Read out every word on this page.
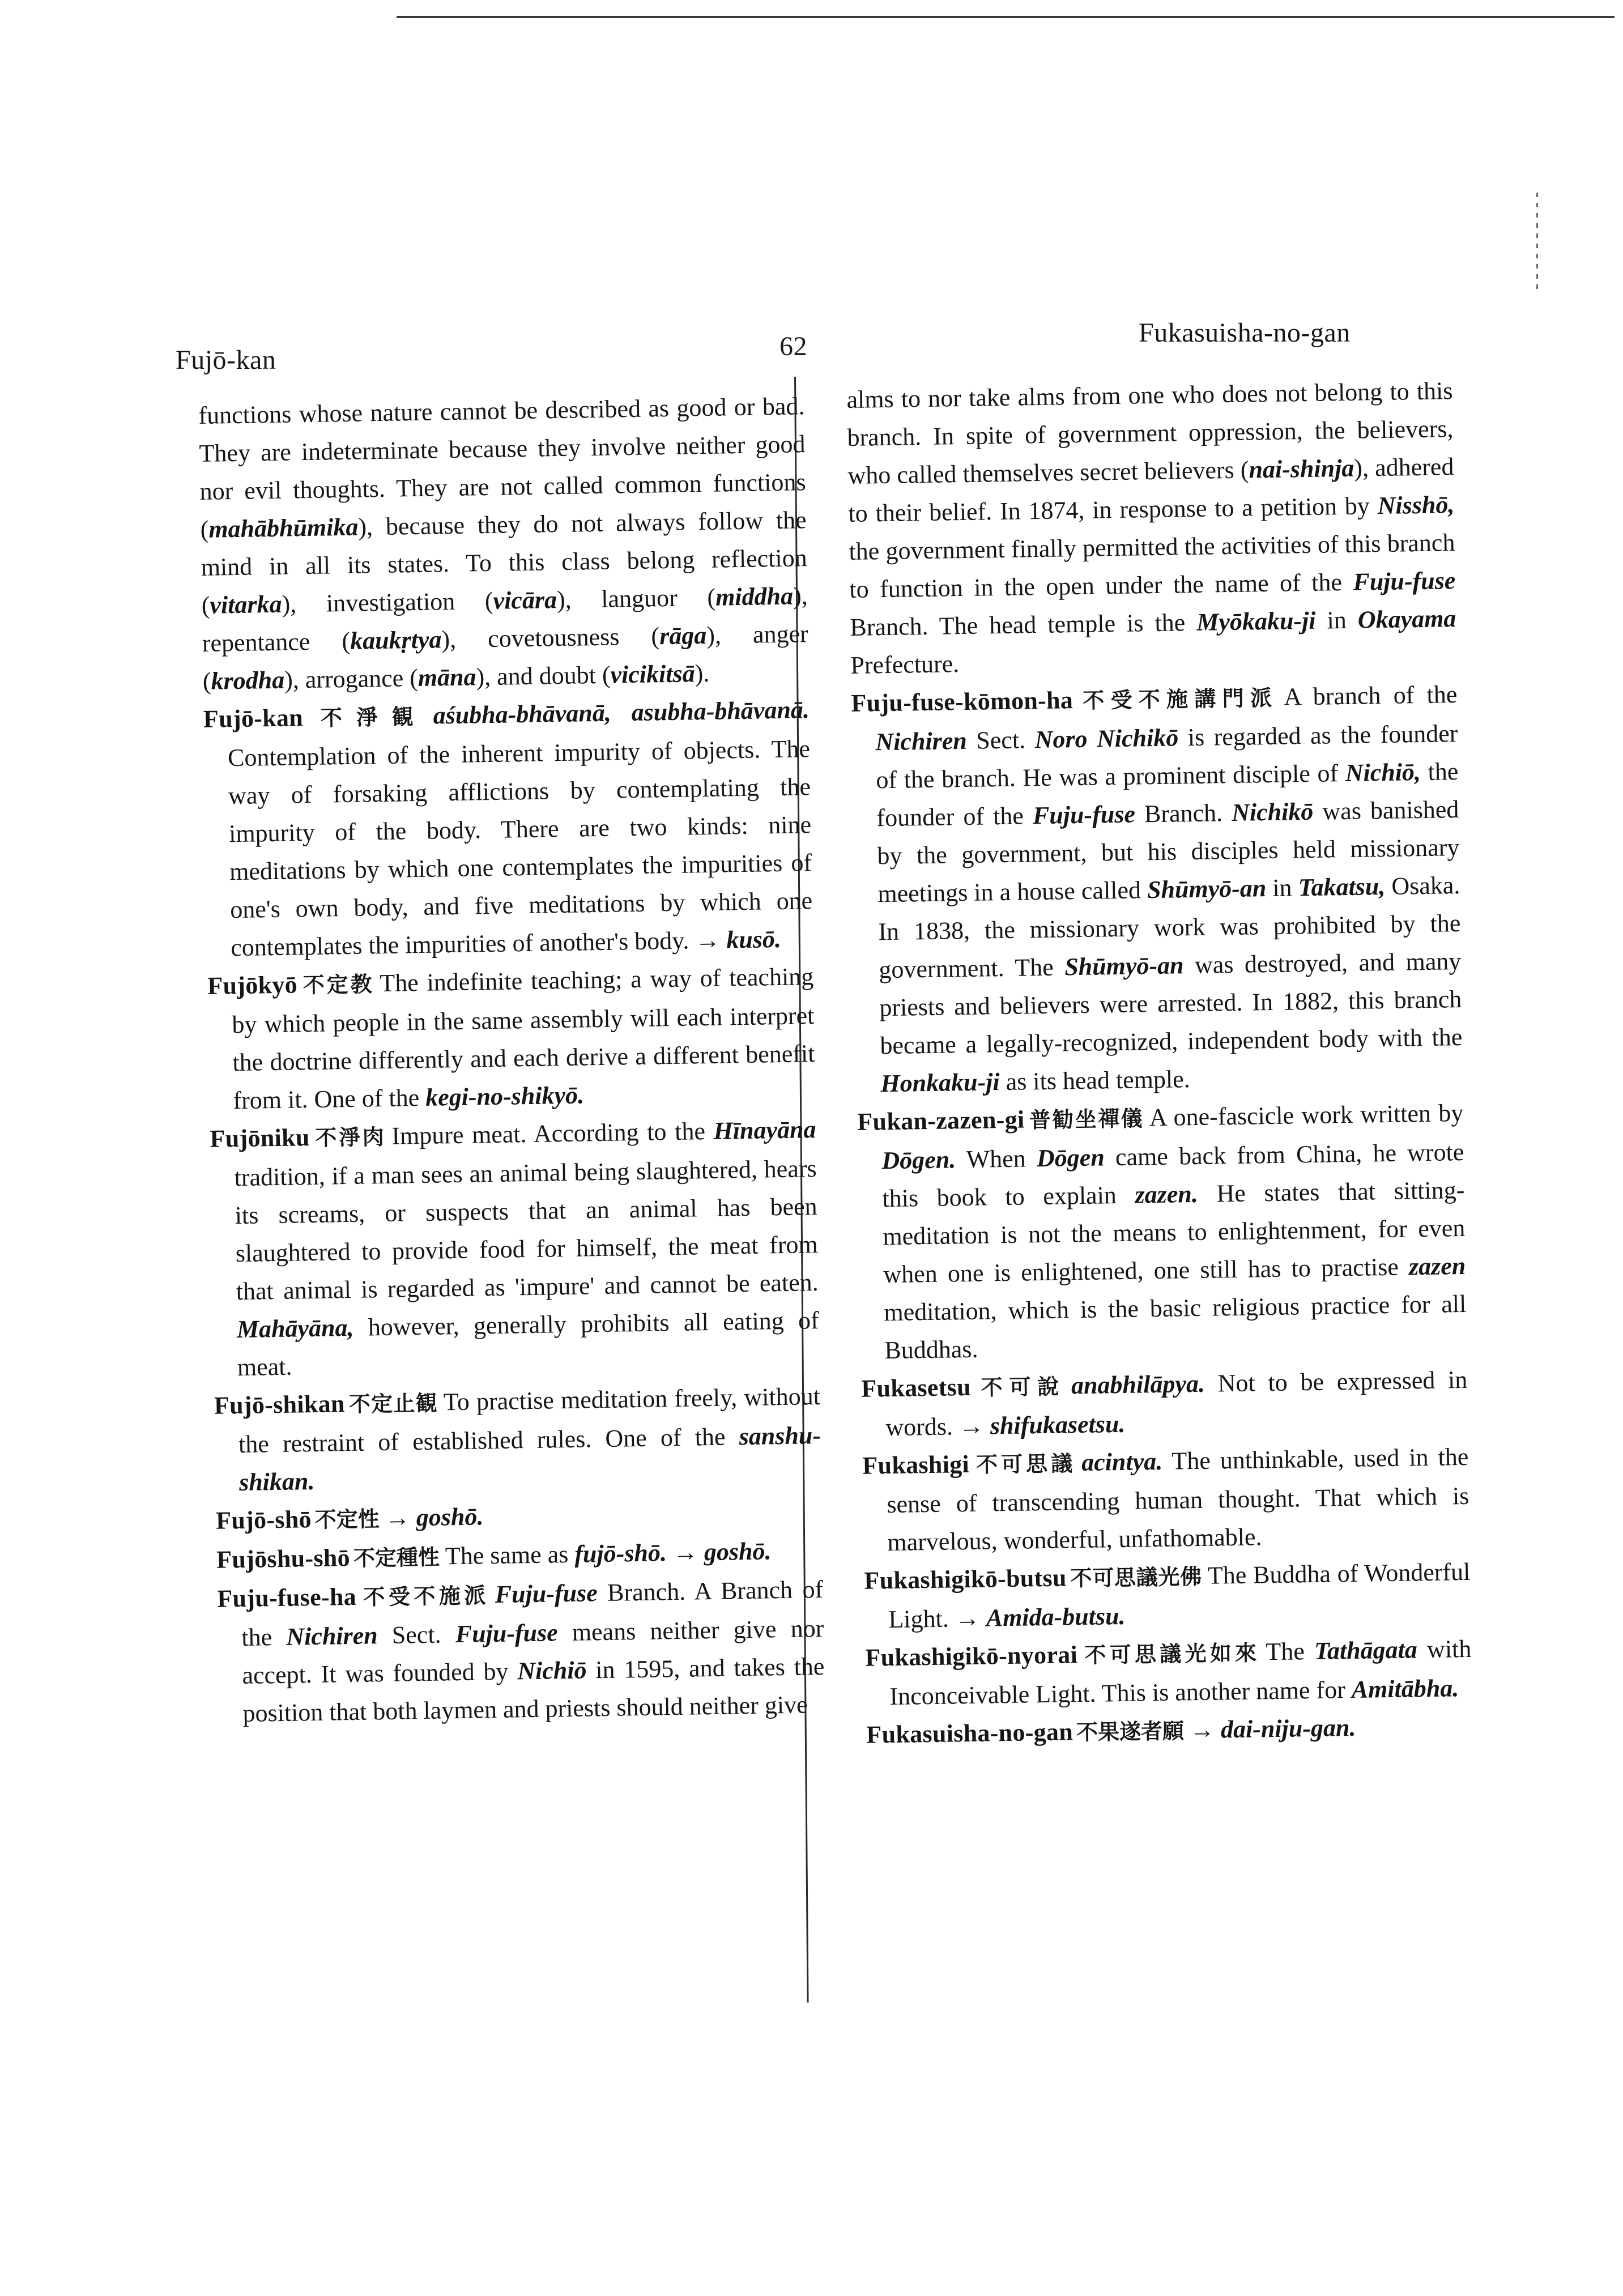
Fujō-kan	62	Fukasuisha-no-gan

functions whose nature cannot be described as good or bad. They are indeterminate because they involve neither good nor evil thoughts. They are not called common functions (mahābhūmika), because they do not always follow the mind in all its states. To this class belong reflection (vitarka), investigation (vicāra), languor (middha), repentance (kaukṛtya), covetousness (rāga), anger (krodha), arrogance (māna), and doubt (vicikitsā).

Fujō-kan 不淨観 aśubha-bhāvanā, asubha-bhāvanā. Contemplation of the inherent impurity of objects. The way of forsaking afflictions by contemplating the impurity of the body. There are two kinds: nine meditations by which one contemplates the impurities of one's own body, and five meditations by which one contemplates the impurities of another's body. → kusō.

Fujōkyō 不定教 The indefinite teaching; a way of teaching by which people in the same assembly will each interpret the doctrine differently and each derive a different benefit from it. One of the kegi-no-shikyō.

Fujōniku 不淨肉 Impure meat. According to the Hīnayāna tradition, if a man sees an animal being slaughtered, hears its screams, or suspects that an animal has been slaughtered to provide food for himself, the meat from that animal is regarded as 'impure' and cannot be eaten. Mahāyāna, however, generally prohibits all eating of meat.

Fujō-shikan 不定止観 To practise meditation freely, without the restraint of established rules. One of the sanshu-shikan.

Fujō-shō 不定性 → goshō.

Fujōshu-shō 不定種性 The same as fujō-shō. → goshō.

Fuju-fuse-ha 不受不施派 Fuju-fuse Branch. A Branch of the Nichiren Sect. Fuju-fuse means neither give nor accept. It was founded by Nichiō in 1595, and takes the position that both laymen and priests should neither give

alms to nor take alms from one who does not belong to this branch. In spite of government oppression, the believers, who called themselves secret believers (nai-shinja), adhered to their belief. In 1874, in response to a petition by Nisshō, the government finally permitted the activities of this branch to function in the open under the name of the Fuju-fuse Branch. The head temple is the Myōkaku-ji in Okayama Prefecture.

Fuju-fuse-kōmon-ha 不受不施講門派 A branch of the Nichiren Sect. Noro Nichikō is regarded as the founder of the branch. He was a prominent disciple of Nichiō, the founder of the Fuju-fuse Branch. Nichikō was banished by the government, but his disciples held missionary meetings in a house called Shūmyō-an in Takatsu, Osaka. In 1838, the missionary work was prohibited by the government. The Shūmyō-an was destroyed, and many priests and believers were arrested. In 1882, this branch became a legally-recognized, independent body with the Honkaku-ji as its head temple.

Fukan-zazen-gi 普勧坐禪儀 A one-fascicle work written by Dōgen. When Dōgen came back from China, he wrote this book to explain zazen. He states that sitting-meditation is not the means to enlightenment, for even when one is enlightened, one still has to practise zazen meditation, which is the basic religious practice for all Buddhas.

Fukasetsu 不可說 anabhilāpya. Not to be expressed in words. → shifukasetsu.

Fukashigi 不可思議 acintya. The unthinkable, used in the sense of transcending human thought. That which is marvelous, wonderful, unfathomable.

Fukashigikō-butsu 不可思議光佛 The Buddha of Wonderful Light. → Amida-butsu.

Fukashigikō-nyorai 不可思議光如來 The Tathāgata with Inconceivable Light. This is another name for Amitābha.

Fukasuisha-no-gan 不果遂者願 → dai-niju-gan.
